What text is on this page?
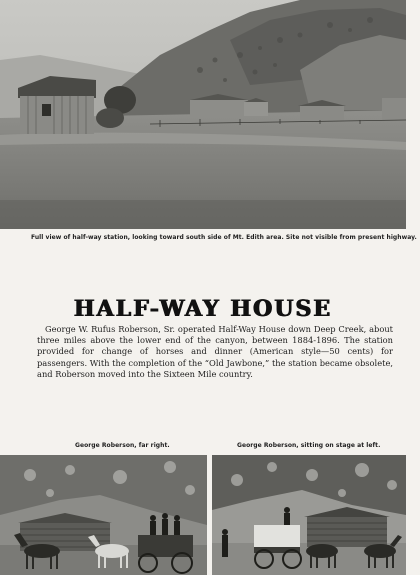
Full view of half-way station, looking toward south side of Mt. Edith area. Site not visible from present highway.
HALF-WAY HOUSE
George W. Rufus Roberson, Sr. operated Half-Way House down Deep Creek, about three miles above the lower end of the canyon, between 1884-1896. The station provided for change of horses and dinner (American style—50 cents) for passengers. With the completion of the “Old Jawbone,” the station became obsolete, and Roberson moved into the Sixteen Mile country.
George Roberson, far right.	George Roberson, sitting on stage at left.
